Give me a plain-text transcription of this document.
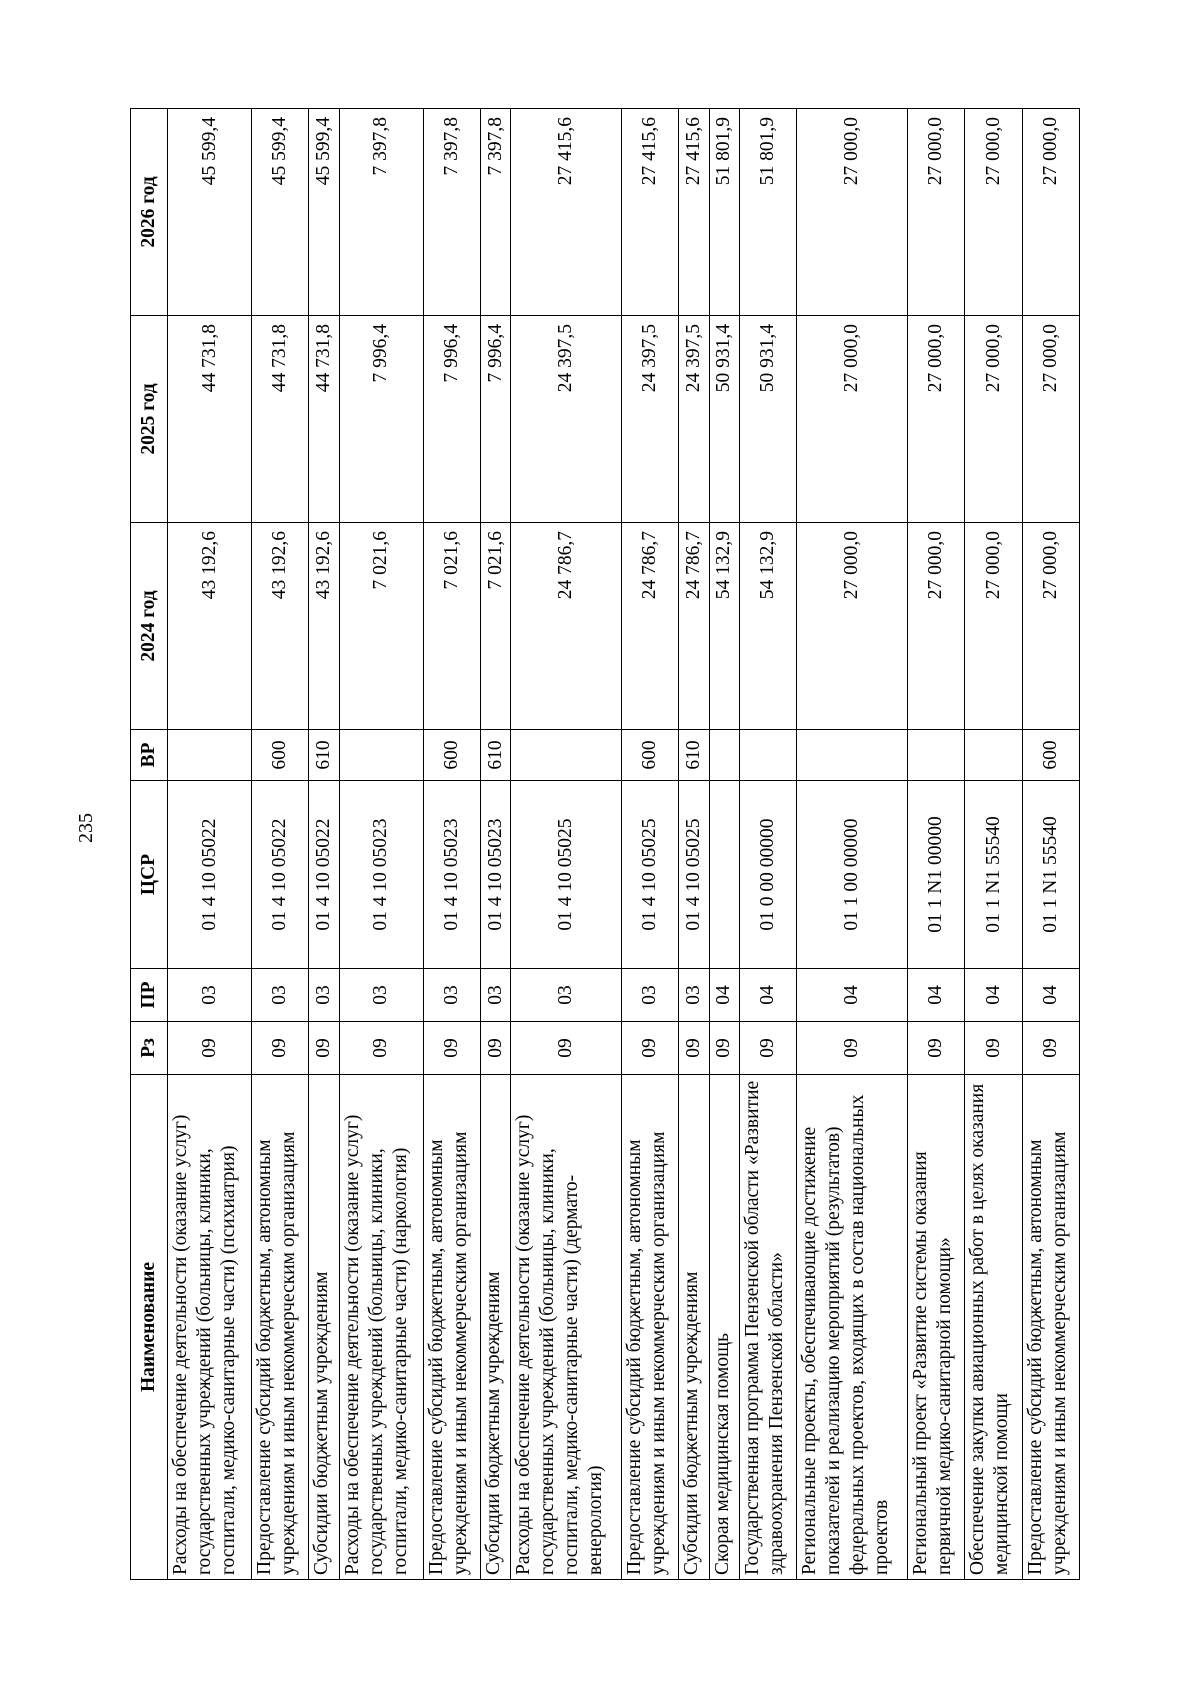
235
Наименование	Рз	ПР	ЦСР	ВР	2024 год	2025 год	2026 год
Расходы на обеспечение деятельности (оказание услуг) государственных учреждений (больницы, клиники, госпитали, медико-санитарные части) (психиатрия)	09	03	01 4 10 05022		43 192,6	44 731,8	45 599,4
Предоставление субсидий бюджетным, автономным учреждениям и иным некоммерческим организациям	09	03	01 4 10 05022	600	43 192,6	44 731,8	45 599,4
Субсидии бюджетным учреждениям	09	03	01 4 10 05022	610	43 192,6	44 731,8	45 599,4
Расходы на обеспечение деятельности (оказание услуг) государственных учреждений (больницы, клиники, госпитали, медико-санитарные части) (наркология)	09	03	01 4 10 05023		7 021,6	7 996,4	7 397,8
Предоставление субсидий бюджетным, автономным учреждениям и иным некоммерческим организациям	09	03	01 4 10 05023	600	7 021,6	7 996,4	7 397,8
Субсидии бюджетным учреждениям	09	03	01 4 10 05023	610	7 021,6	7 996,4	7 397,8
Расходы на обеспечение деятельности (оказание услуг) государственных учреждений (больницы, клиники, госпитали, медико-санитарные части) (дермато-венерология)	09	03	01 4 10 05025		24 786,7	24 397,5	27 415,6
Предоставление субсидий бюджетным, автономным учреждениям и иным некоммерческим организациям	09	03	01 4 10 05025	600	24 786,7	24 397,5	27 415,6
Субсидии бюджетным учреждениям	09	03	01 4 10 05025	610	24 786,7	24 397,5	27 415,6
Скорая медицинская помощь	09	04			54 132,9	50 931,4	51 801,9
Государственная программа Пензенской области «Развитие здравоохранения Пензенской области»	09	04	01 0 00 00000		54 132,9	50 931,4	51 801,9
Региональные проекты, обеспечивающие достижение показателей и реализацию мероприятий (результатов) федеральных проектов, входящих в состав национальных проектов	09	04	01 1 00 00000		27 000,0	27 000,0	27 000,0
Региональный проект «Развитие системы оказания первичной медико-санитарной помощи»	09	04	01 1 N1 00000		27 000,0	27 000,0	27 000,0
Обеспечение закупки авиационных работ в целях оказания медицинской помощи	09	04	01 1 N1 55540		27 000,0	27 000,0	27 000,0
Предоставление субсидий бюджетным, автономным учреждениям и иным некоммерческим организациям	09	04	01 1 N1 55540	600	27 000,0	27 000,0	27 000,0
